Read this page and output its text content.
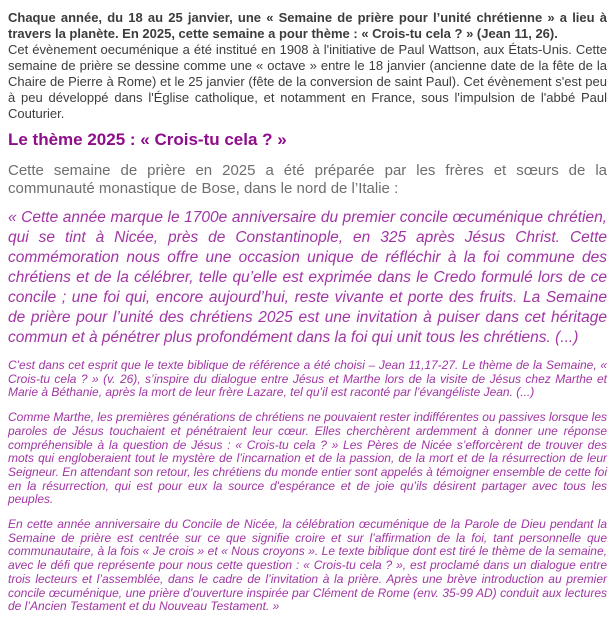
Chaque année, du 18 au 25 janvier, une « Semaine de prière pour l’unité chrétienne » a lieu à travers la planète. En 2025, cette semaine a pour thème : « Crois-tu cela ? » (Jean 11, 26).

Cet évènement oecuménique a été institué en 1908 à l'initiative de Paul Wattson, aux États-Unis. Cette semaine de prière se dessine comme une « octave » entre le 18 janvier (ancienne date de la fête de la Chaire de Pierre à Rome) et le 25 janvier (fête de la conversion de saint Paul). Cet évènement s'est peu à peu développé dans l'Église catholique, et notamment en France, sous l'impulsion de l'abbé Paul Couturier.

Le thème 2025 : « Crois-tu cela ? »

Cette semaine de prière en 2025 a été préparée par les frères et sœurs de la communauté monastique de Bose, dans le nord de l’Italie :

« Cette année marque le 1700e anniversaire du premier concile œcuménique chrétien, qui se tint à Nicée, près de Constantinople, en 325 après Jésus Christ. Cette commémoration nous offre une occasion unique de réfléchir à la foi commune des chrétiens et de la célébrer, telle qu’elle est exprimée dans le Credo formulé lors de ce concile ; une foi qui, encore aujourd’hui, reste vivante et porte des fruits. La Semaine de prière pour l’unité des chrétiens 2025 est une invitation à puiser dans cet héritage commun et à pénétrer plus profondément dans la foi qui unit tous les chrétiens. (...)

C'est dans cet esprit que le texte biblique de référence a été choisi – Jean 11,17-27. Le thème de la Semaine, « Crois-tu cela ? » (v. 26), s’inspire du dialogue entre Jésus et Marthe lors de la visite de Jésus chez Marthe et Marie à Béthanie, après la mort de leur frère Lazare, tel qu’il est raconté par l’évangéliste Jean. (...)

Comme Marthe, les premières générations de chrétiens ne pouvaient rester indifférentes ou passives lorsque les paroles de Jésus touchaient et pénétraient leur cœur. Elles cherchèrent ardemment à donner une réponse compréhensible à la question de Jésus : « Crois-tu cela ? » Les Pères de Nicée s’efforcèrent de trouver des mots qui engloberaient tout le mystère de l’incarnation et de la passion, de la mort et de la résurrection de leur Seigneur. En attendant son retour, les chrétiens du monde entier sont appelés à témoigner ensemble de cette foi en la résurrection, qui est pour eux la source d'espérance et de joie qu’ils désirent partager avec tous les peuples.

En cette année anniversaire du Concile de Nicée, la célébration œcuménique de la Parole de Dieu pendant la Semaine de prière est centrée sur ce que signifie croire et sur l’affirmation de la foi, tant personnelle que communautaire, à la fois « Je crois » et « Nous croyons ». Le texte biblique dont est tiré le thème de la semaine, avec le défi que représente pour nous cette question : « Crois-tu cela ? », est proclamé dans un dialogue entre trois lecteurs et l’assemblée, dans le cadre de l’invitation à la prière. Après une brève introduction au premier concile œcuménique, une prière d’ouverture inspirée par Clément de Rome (env. 35-99 AD) conduit aux lectures de l’Ancien Testament et du Nouveau Testament. »
